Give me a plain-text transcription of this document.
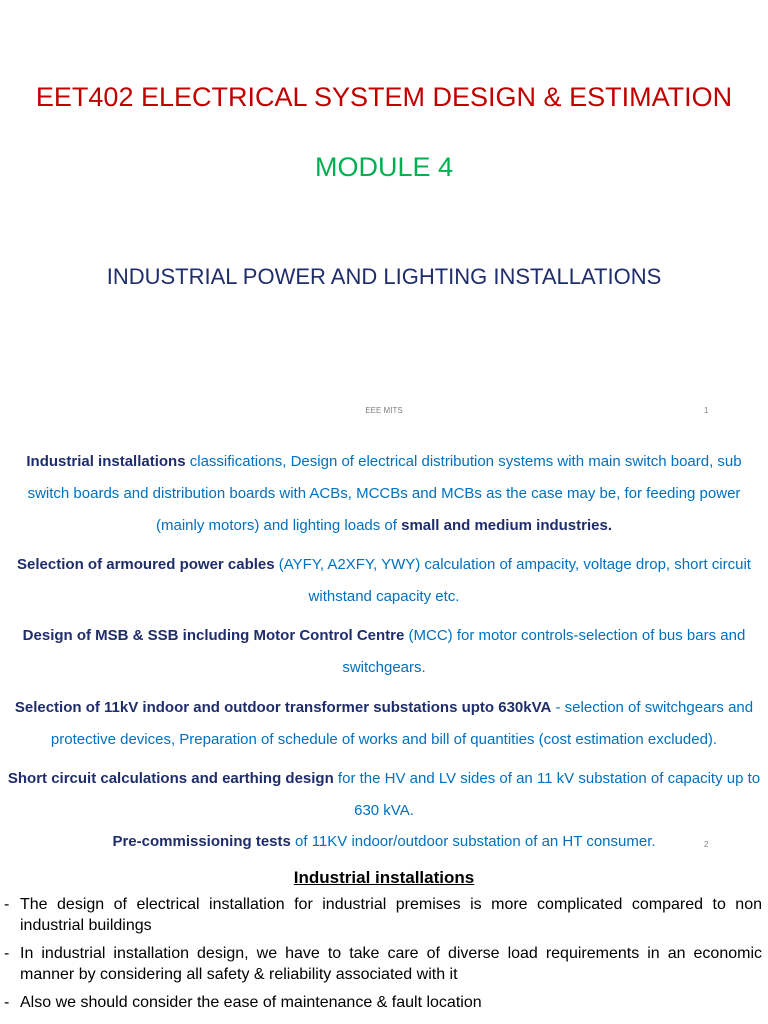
EET402 ELECTRICAL SYSTEM DESIGN & ESTIMATION
MODULE 4
INDUSTRIAL POWER AND LIGHTING INSTALLATIONS
EEE MITS	1
Industrial installations classifications, Design of electrical distribution systems with main switch board, sub switch boards and distribution boards with ACBs, MCCBs and MCBs as the case may be, for feeding power (mainly motors) and lighting loads of small and medium industries.
Selection of armoured power cables (AYFY, A2XFY, YWY) calculation of ampacity, voltage drop, short circuit withstand capacity etc.
Design of MSB & SSB including Motor Control Centre (MCC) for motor controls-selection of bus bars and switchgears.
Selection of 11kV indoor and outdoor transformer substations upto 630kVA - selection of switchgears and protective devices, Preparation of schedule of works and bill of quantities (cost estimation excluded).
Short circuit calculations and earthing design for the HV and LV sides of an 11 kV substation of capacity up to 630 kVA.
Pre-commissioning tests of 11KV indoor/outdoor substation of an HT consumer.	2
Industrial installations
- The design of electrical installation for industrial premises is more complicated compared to non industrial buildings
- In industrial installation design, we have to take care of diverse load requirements in an economic manner by considering all safety & reliability associated with it
- Also we should consider the ease of maintenance & fault location
